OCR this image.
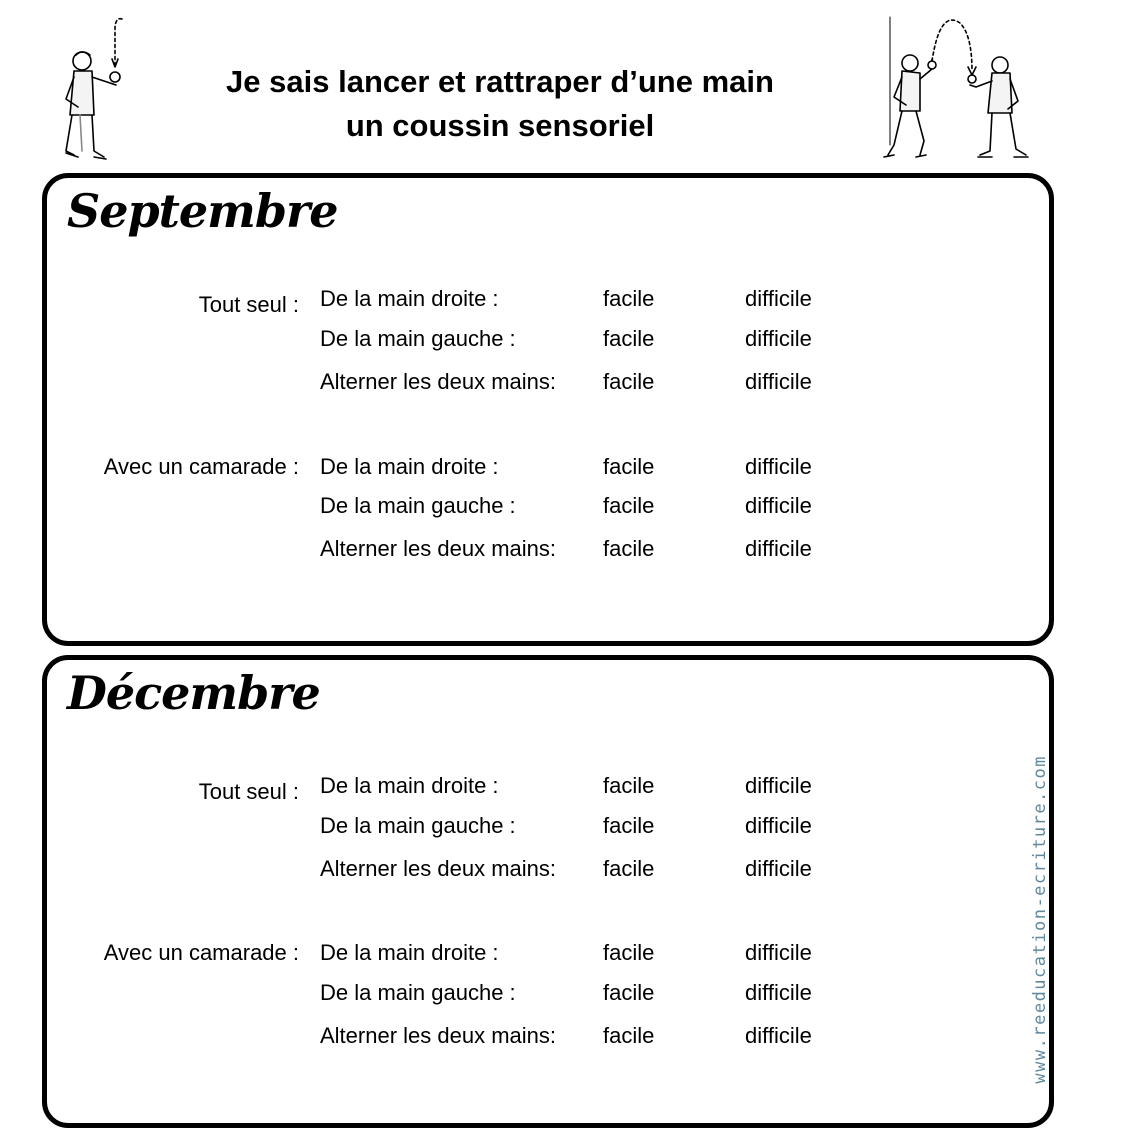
Je sais lancer et rattraper d’une main
un coussin sensoriel
Septembre
Tout seul : De la main droite :	facile	difficile
De la main gauche :	facile	difficile
Alterner les deux mains: facile	difficile
Avec un camarade : De la main droite :	facile	difficile
De la main gauche :	facile	difficile
Alterner les deux mains: facile	difficile
Décembre
Tout seul : De la main droite :	facile	difficile
De la main gauche :	facile	difficile
Alterner les deux mains: facile	difficile
Avec un camarade : De la main droite :	facile	difficile
De la main gauche :	facile	difficile
Alterner les deux mains: facile	difficile	www.reeducation-ecriture.com
